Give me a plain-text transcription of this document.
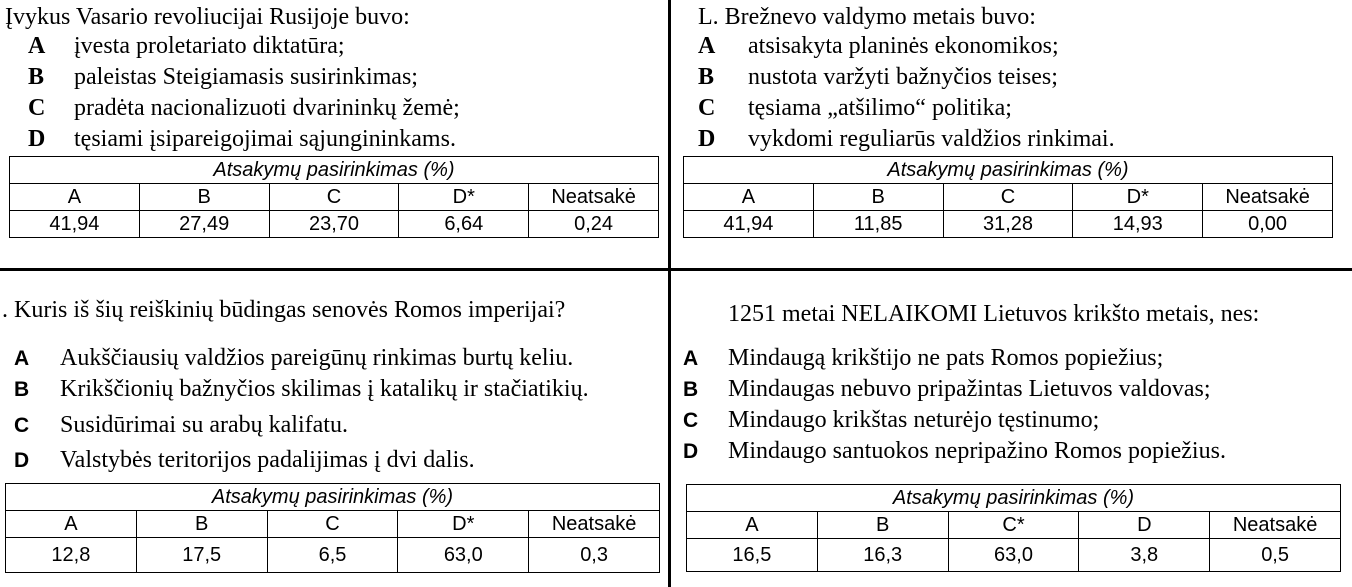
Įvykus Vasario revoliucijai Rusijoje buvo:
A įvesta proletariato diktatūra;
B paleistas Steigiamasis susirinkimas;
C pradėta nacionalizuoti dvarininkų žemė;
D tęsiami įsipareigojimai sąjungininkams.
Atsakymų pasirinkimas (%)				
A	B	C	D*	Neatsakė
41,94	27,49	23,70	6,64	0,24
L. Brežnevo valdymo metais buvo:
A atsisakyta planinės ekonomikos;
B nustota varžyti bažnyčios teises;
C tęsiama „atšilimo“ politika;
D vykdomi reguliarūs valdžios rinkimai.
Atsakymų pasirinkimas (%)				
A	B	C	D*	Neatsakė
41,94	11,85	31,28	14,93	0,00
. Kuris iš šių reiškinių būdingas senovės Romos imperijai?
A Aukščiausių valdžios pareigūnų rinkimas burtų keliu.
B Krikščionių bažnyčios skilimas į katalikų ir stačiatikių.
C Susidūrimai su arabų kalifatu.
D Valstybės teritorijos padalijimas į dvi dalis.
Atsakymų pasirinkimas (%)				
A	B	C	D*	Neatsakė
12,8	17,5	6,5	63,0	0,3
1251 metai NELAIKOMI Lietuvos krikšto metais, nes:
A Mindaugą krikštijo ne pats Romos popiežius;
B Mindaugas nebuvo pripažintas Lietuvos valdovas;
C Mindaugo krikštas neturėjo tęstinumo;
D Mindaugo santuokos nepripažino Romos popiežius.
Atsakymų pasirinkimas (%)				
A	B	C*	D	Neatsakė
16,5	16,3	63,0	3,8	0,5
